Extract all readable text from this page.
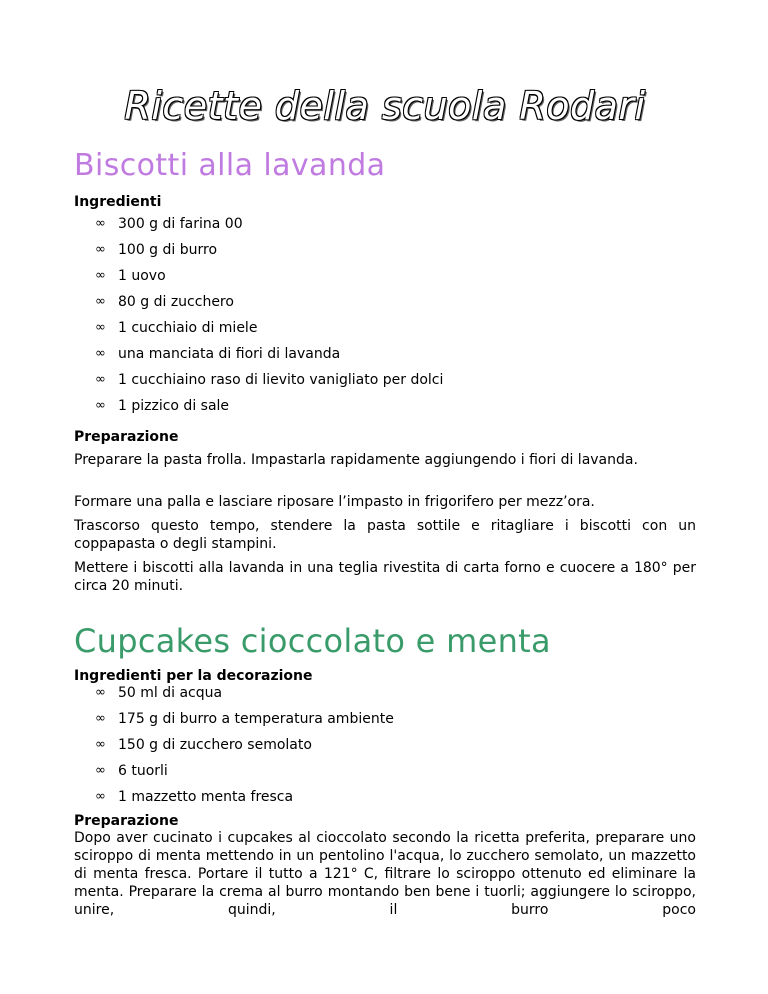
Ricette della scuola Rodari
Biscotti alla lavanda

Ingredienti

∞ 300 g di farina 00
∞ 100 g di burro
∞ 1 uovo
∞ 80 g di zucchero
∞ 1 cucchiaio di miele
∞ una manciata di fiori di lavanda
∞ 1 cucchiaino raso di lievito vanigliato per dolci
∞ 1 pizzico di sale

Preparazione

Preparare la pasta frolla. Impastarla rapidamente aggiungendo i fiori di lavanda.

Formare una palla e lasciare riposare l’impasto in frigorifero per mezz’ora.

Trascorso questo tempo, stendere la pasta sottile e ritagliare i biscotti con un coppapasta o degli stampini.

Mettere i biscotti alla lavanda in una teglia rivestita di carta forno e cuocere a 180° per circa 20 minuti.

Cupcakes cioccolato e menta

Ingredienti per la decorazione

∞ 50 ml di acqua
∞ 175 g di burro a temperatura ambiente
∞ 150 g di zucchero semolato
∞ 6 tuorli
∞ 1 mazzetto menta fresca

Preparazione

Dopo aver cucinato i cupcakes al cioccolato secondo la ricetta preferita, preparare uno sciroppo di menta mettendo in un pentolino l'acqua, lo zucchero semolato, un mazzetto di menta fresca. Portare il tutto a 121° C, filtrare lo sciroppo ottenuto ed eliminare la menta. Preparare la crema al burro montando ben bene i tuorli; aggiungere lo sciroppo, unire, quindi, il burro poco
